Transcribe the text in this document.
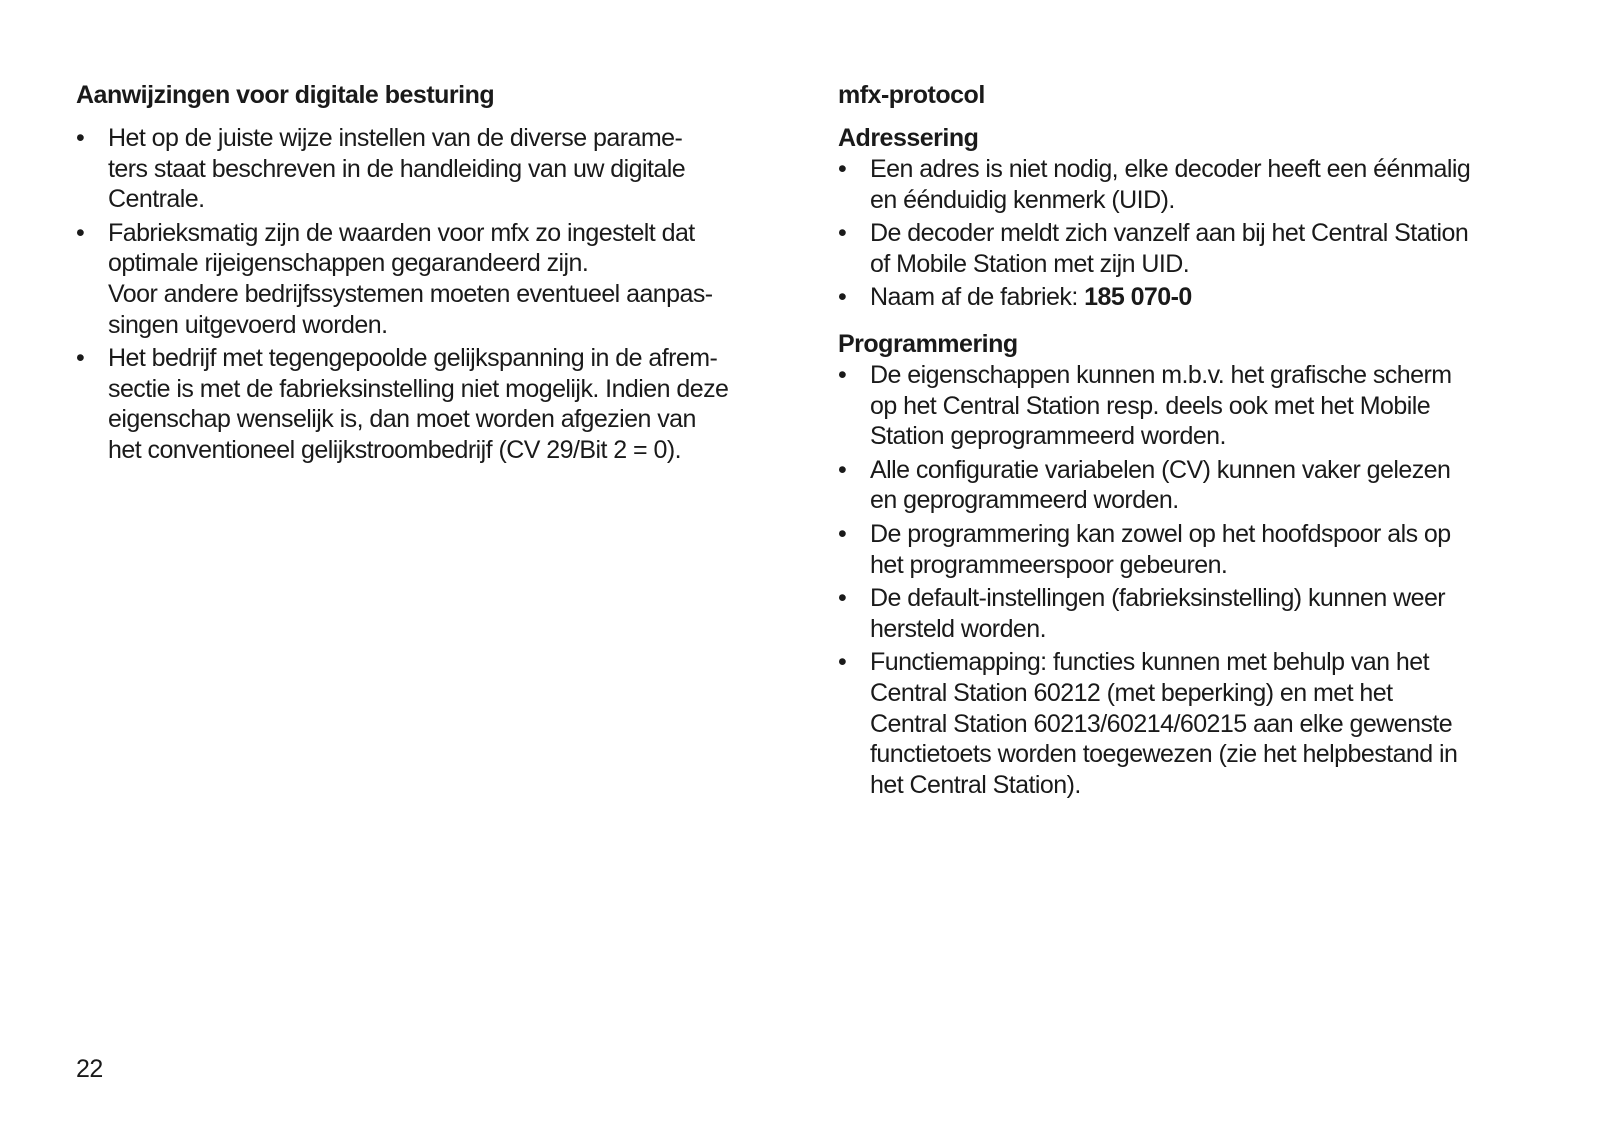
Aanwijzingen voor digitale besturing
• Het op de juiste wijze instellen van de diverse parame-
ters staat beschreven in de handleiding van uw digitale
Centrale.
• Fabrieksmatig zijn de waarden voor mfx zo ingestelt dat
optimale rijeigenschappen gegarandeerd zijn.
Voor andere bedrijfssystemen moeten eventueel aanpas-
singen uitgevoerd worden.
• Het bedrijf met tegengepoolde gelijkspanning in de afrem-
sectie is met de fabrieksinstelling niet mogelijk. Indien deze
eigenschap wenselijk is, dan moet worden afgezien van
het conventioneel gelijkstroombedrijf (CV 29/Bit 2 = 0).
mfx-protocol
Adressering
• Een adres is niet nodig, elke decoder heeft een éénmalig
en éénduidig kenmerk (UID).
• De decoder meldt zich vanzelf aan bij het Central Station
of Mobile Station met zijn UID.
• Naam af de fabriek: 185 070-0
Programmering
• De eigenschappen kunnen m.b.v. het grafische scherm
op het Central Station resp. deels ook met het Mobile
Station geprogrammeerd worden.
• Alle configuratie variabelen (CV) kunnen vaker gelezen
en geprogrammeerd worden.
• De programmering kan zowel op het hoofdspoor als op
het programmeerspoor gebeuren.
• De default-instellingen (fabrieksinstelling) kunnen weer
hersteld worden.
• Functiemapping: functies kunnen met behulp van het
Central Station 60212 (met beperking) en met het
Central Station 60213/60214/60215 aan elke gewenste
functietoets worden toegewezen (zie het helpbestand in
het Central Station).
22
